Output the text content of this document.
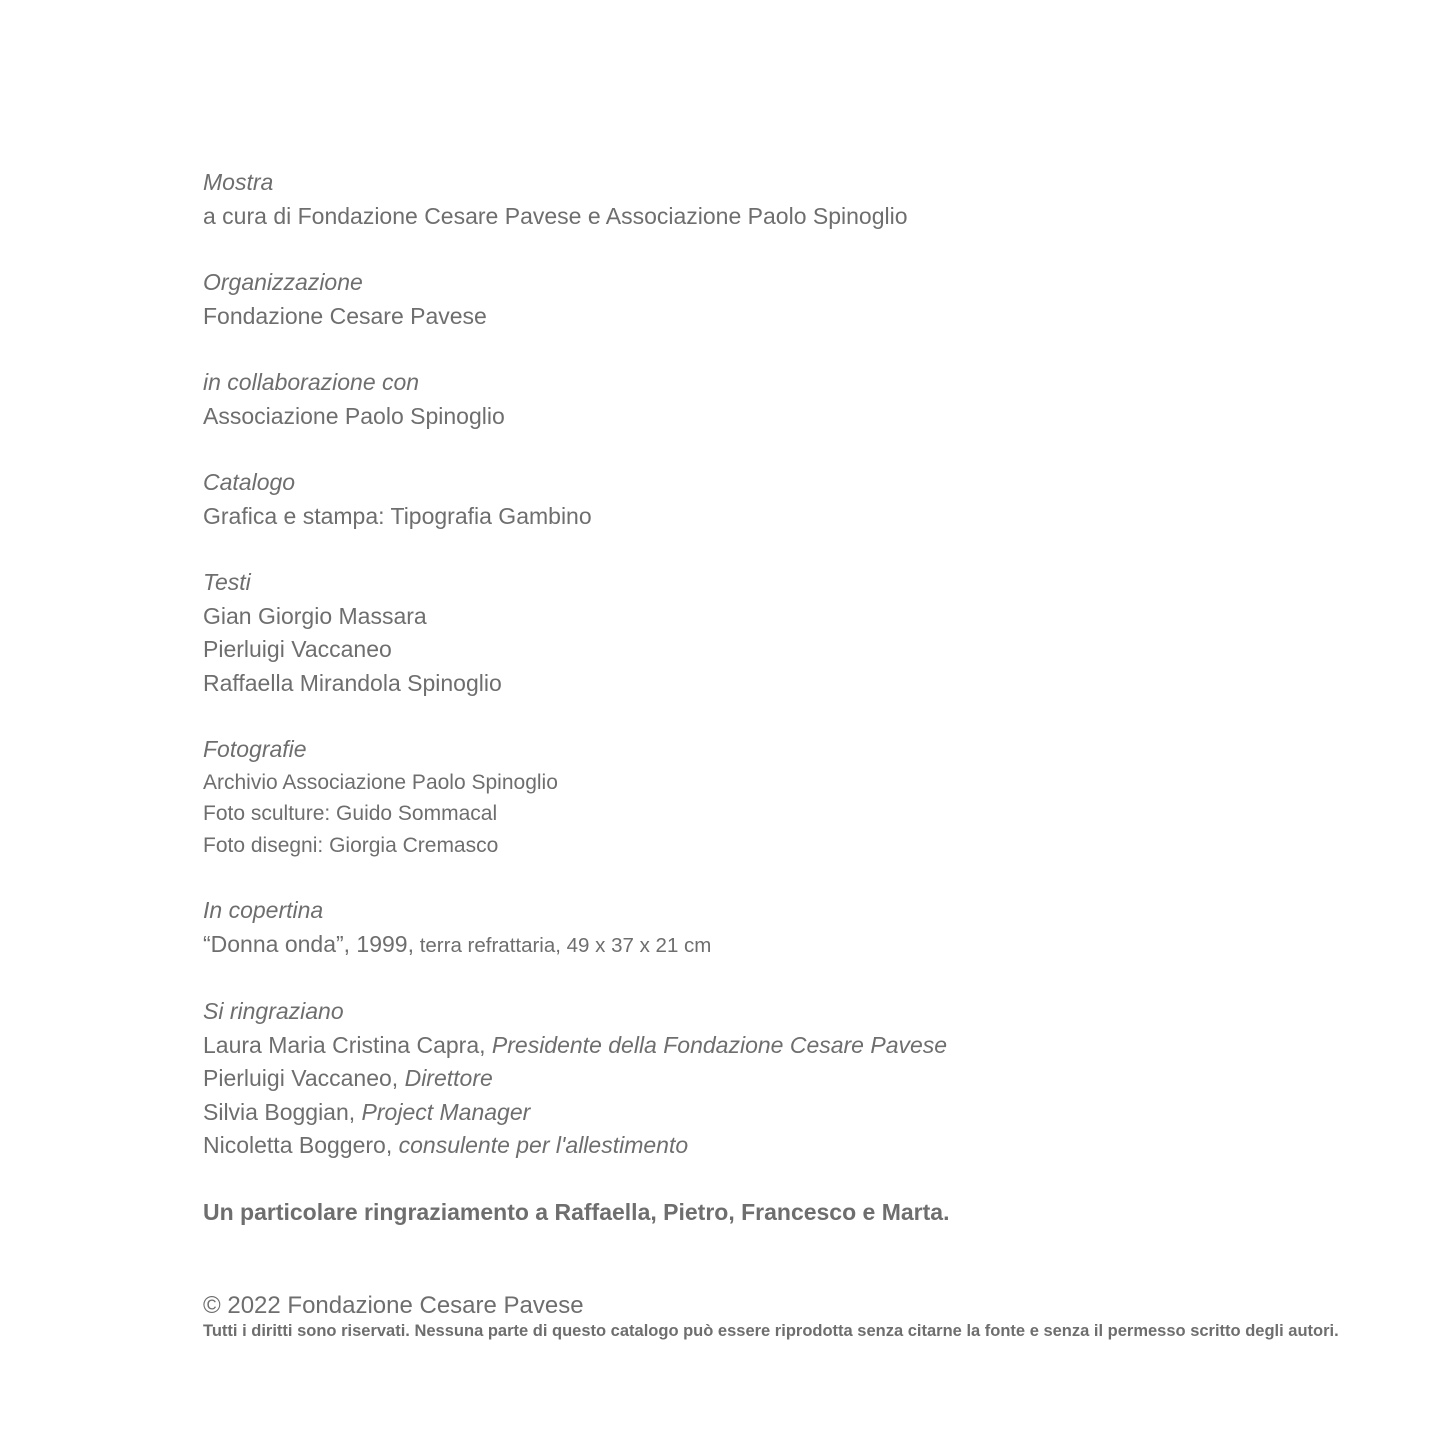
Mostra
a cura di Fondazione Cesare Pavese e Associazione Paolo Spinoglio
Organizzazione
Fondazione Cesare Pavese
in collaborazione con
Associazione Paolo Spinoglio
Catalogo
Grafica e stampa: Tipografia Gambino
Testi
Gian Giorgio Massara
Pierluigi Vaccaneo
Raffaella Mirandola Spinoglio
Fotografie
Archivio Associazione Paolo Spinoglio
Foto sculture: Guido Sommacal
Foto disegni: Giorgia Cremasco
In copertina
“Donna onda”, 1999, terra refrattaria, 49 x 37 x 21 cm
Si ringraziano
Laura Maria Cristina Capra, Presidente della Fondazione Cesare Pavese
Pierluigi Vaccaneo, Direttore
Silvia Boggian, Project Manager
Nicoletta Boggero, consulente per l'allestimento

Un particolare ringraziamento a Raffaella, Pietro, Francesco e Marta.

© 2022 Fondazione Cesare Pavese
Tutti i diritti sono riservati. Nessuna parte di questo catalogo può essere riprodotta senza citarne la fonte e senza il permesso scritto degli autori.
